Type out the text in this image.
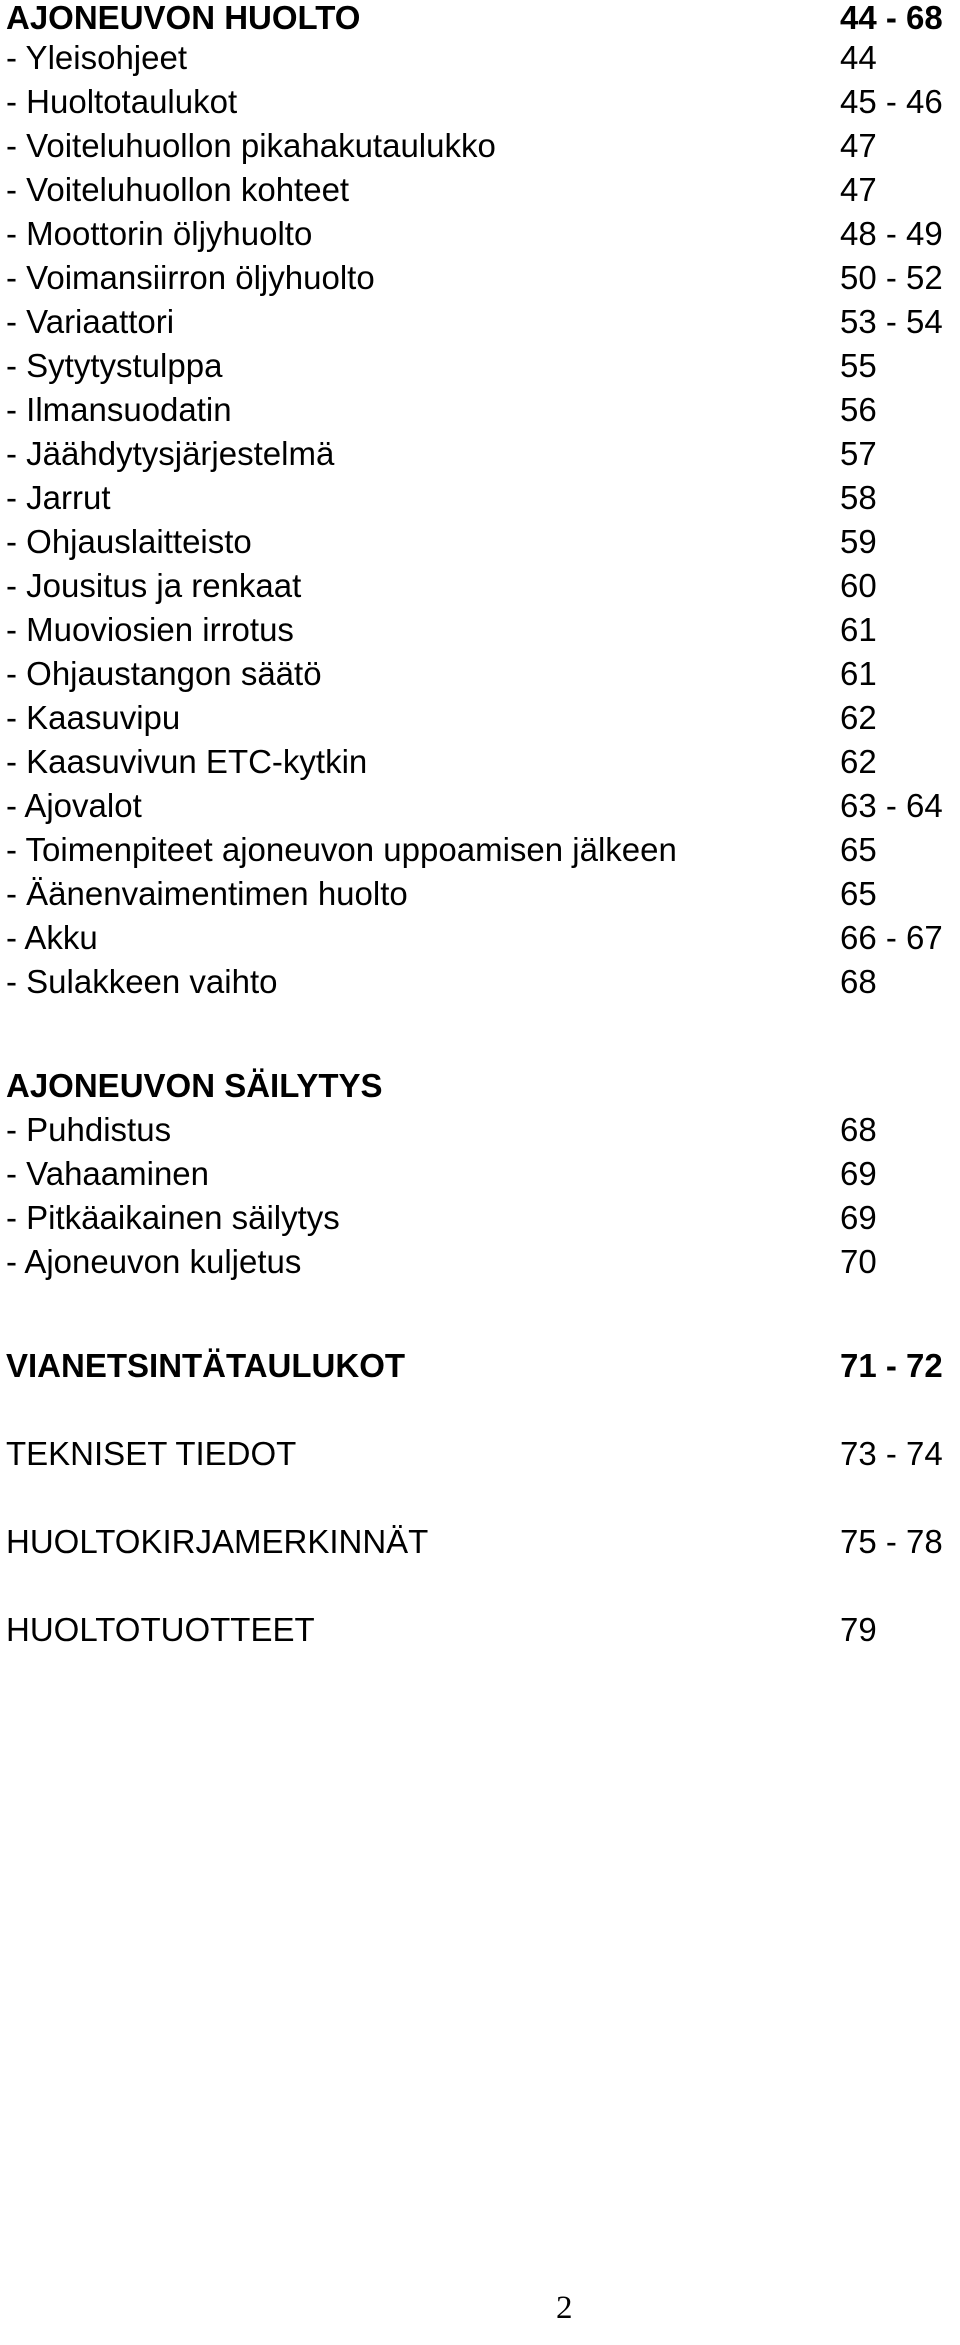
AJONEUVON HUOLTO	44 - 68
- Yleisohjeet	44
- Huoltotaulukot	45 - 46
- Voiteluhuollon pikahakutaulukko	47
- Voiteluhuollon kohteet	47
- Moottorin öljyhuolto	48 - 49
- Voimansiirron öljyhuolto	50 - 52
- Variaattori	53 - 54
- Sytytystulppa	55
- Ilmansuodatin	56
- Jäähdytysjärjestelmä	57
- Jarrut	58
- Ohjauslaitteisto	59
- Jousitus ja renkaat	60
- Muoviosien irrotus	61
- Ohjaustangon säätö	61
- Kaasuvipu	62
- Kaasuvivun ETC-kytkin	62
- Ajovalot	63 - 64
- Toimenpiteet ajoneuvon uppoamisen jälkeen	65
- Äänenvaimentimen huolto	65
- Akku	66 - 67
- Sulakkeen vaihto	68
AJONEUVON SÄILYTYS
- Puhdistus	68
- Vahaaminen	69
- Pitkäaikainen säilytys	69
- Ajoneuvon kuljetus	70
VIANETSINTÄTAULUKOT	71 - 72
TEKNISET TIEDOT	73 - 74
HUOLTOKIRJAMERKINNÄT	75 - 78
HUOLTOTUOTTEET	79
2
